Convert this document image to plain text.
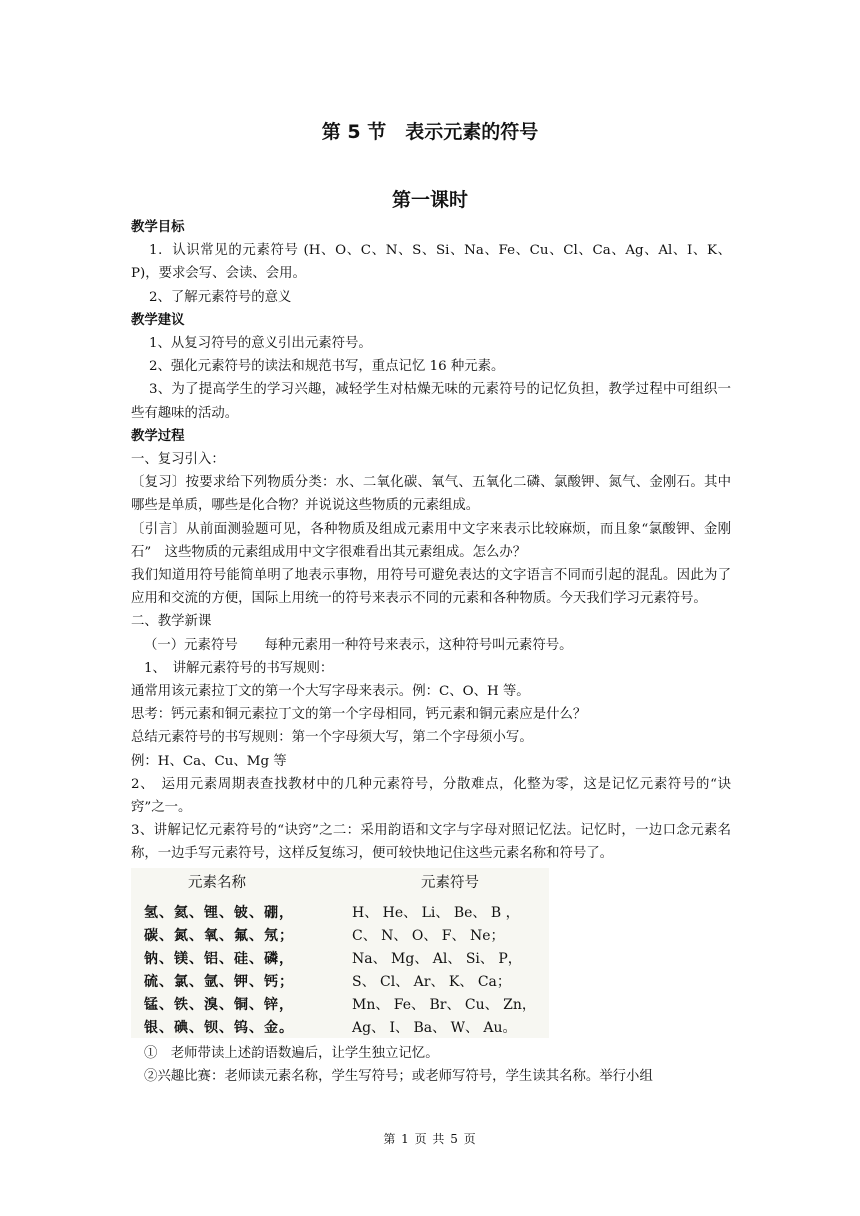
第 5 节　表示元素的符号
第一课时

教学目标

1．认识常见的元素符号 (H、O、C、N、S、Si、Na、Fe、Cu、Cl、Ca、Ag、Al、I、K、P)，要求会写、会读、会用。

2、了解元素符号的意义

教学建议

1、从复习符号的意义引出元素符号。

2、强化元素符号的读法和规范书写，重点记忆 16 种元素。

3、为了提高学生的学习兴趣，减轻学生对枯燥无味的元素符号的记忆负担，教学过程中可组织一些有趣味的活动。

教学过程

一、复习引入：

〔复习〕按要求给下列物质分类：水、二氧化碳、氧气、五氧化二磷、氯酸钾、氮气、金刚石。其中哪些是单质，哪些是化合物？并说说这些物质的元素组成。

〔引言〕从前面测验题可见，各种物质及组成元素用中文字来表示比较麻烦，而且象“氯酸钾、金刚石”　这些物质的元素组成用中文字很难看出其元素组成。怎么办？

我们知道用符号能简单明了地表示事物，用符号可避免表达的文字语言不同而引起的混乱。因此为了应用和交流的方便，国际上用统一的符号来表示不同的元素和各种物质。今天我们学习元素符号。

二、教学新课

（一）元素符号　　每种元素用一种符号来表示，这种符号叫元素符号。

1、　讲解元素符号的书写规则：

通常用该元素拉丁文的第一个大写字母来表示。例：C、O、H 等。

思考：钙元素和铜元素拉丁文的第一个字母相同，钙元素和铜元素应是什么？

总结元素符号的书写规则：第一个字母须大写，第二个字母须小写。

例：H、Ca、Cu、Mg 等

2、　运用元素周期表查找教材中的几种元素符号，分散难点，化整为零，这是记忆元素符号的“诀窍”之一。

3、讲解记忆元素符号的“诀窍”之二：采用韵语和文字与字母对照记忆法。记忆时，一边口念元素名称，一边手写元素符号，这样反复练习，便可较快地记住这些元素名称和符号了。

元素名称	元素符号
氢、氦、锂、铍、硼，	H、 He、 Li、 Be、 B ，
碳、氮、氧、氟、氖；	C、 N、 O、 F、 Ne；
钠、镁、铝、硅、磷，	Na、 Mg、 Al、 Si、 P，
硫、氯、氩、钾、钙；	S、 Cl、 Ar、 K、 Ca；
锰、铁、溴、铜、锌，	Mn、 Fe、 Br、 Cu、 Zn，
银、碘、钡、钨、金。	Ag、 I、 Ba、 W、 Au。

①　老师带读上述韵语数遍后，让学生独立记忆。

②兴趣比赛：老师读元素名称，学生写符号；或老师写符号，学生读其名称。举行小组

第 1 页 共 5 页
